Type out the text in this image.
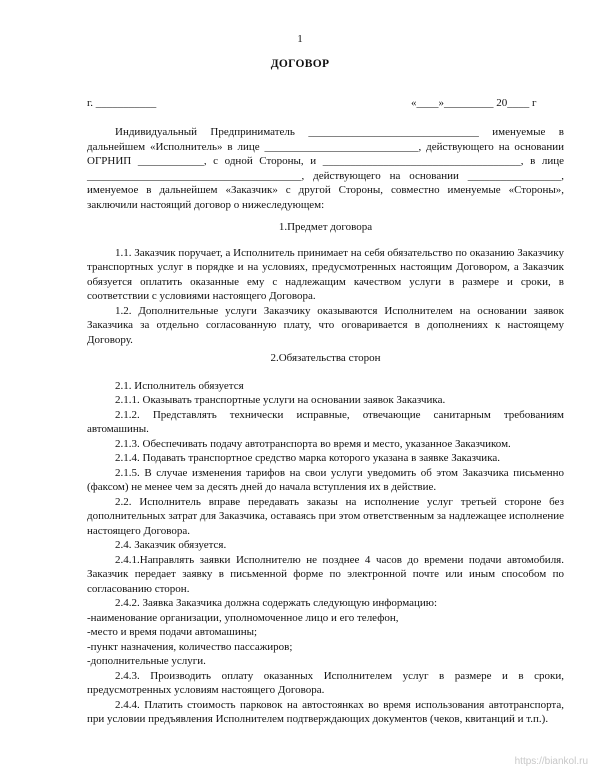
1
ДОГОВОР
г. ___________	«____»_________ 20____ г

Индивидуальный Предприниматель _______________________________ именуемые в дальнейшем «Исполнитель» в лице ____________________________, действующего на основании ОГРНИП ____________, с одной Стороны, и ____________________________________, в лице _______________________________________, действующего на основании _________________, именуемое в дальнейшем «Заказчик» с другой Стороны, совместно именуемые «Стороны», заключили настоящий договор о нижеследующем:

1.Предмет договора

1.1. Заказчик поручает, а Исполнитель принимает на себя обязательство по оказанию Заказчику транспортных услуг в порядке и на условиях, предусмотренных настоящим Договором, а Заказчик обязуется оплатить оказанные ему с надлежащим качеством услуги в размере и сроки, в соответствии с условиями настоящего Договора.

1.2. Дополнительные услуги Заказчику оказываются Исполнителем на основании заявок Заказчика за отдельно согласованную плату, что оговаривается в дополнениях к настоящему Договору.

2.Обязательства сторон

2.1. Исполнитель обязуется

2.1.1. Оказывать транспортные услуги на основании заявок Заказчика.

2.1.2. Представлять технически исправные, отвечающие санитарным требованиям автомашины.

2.1.3. Обеспечивать подачу автотранспорта во время и место, указанное Заказчиком.

2.1.4. Подавать транспортное средство марка которого указана в заявке Заказчика.

2.1.5. В случае изменения тарифов на свои услуги уведомить об этом Заказчика письменно (факсом) не менее чем за десять дней до начала вступления их в действие.

2.2. Исполнитель вправе передавать заказы на исполнение услуг третьей стороне без дополнительных затрат для Заказчика, оставаясь при этом ответственным за надлежащее исполнение настоящего Договора.

2.4. Заказчик обязуется.

2.4.1.Направлять заявки Исполнителю не позднее 4 часов до времени подачи автомобиля. Заказчик передает заявку в письменной форме по электронной почте или иным способом по согласованию сторон.

2.4.2. Заявка Заказчика должна содержать следующую информацию:

-наименование организации, уполномоченное лицо и его телефон,

-место и время подачи автомашины;

-пункт назначения, количество пассажиров;

-дополнительные услуги.

2.4.3. Производить оплату оказанных Исполнителем услуг в размере и в сроки, предусмотренных условиям настоящего Договора.

2.4.4. Платить стоимость парковок на автостоянках во время использования автотранспорта, при условии предъявления Исполнителем подтверждающих документов (чеков, квитанций и т.п.).

https://biankol.ru
